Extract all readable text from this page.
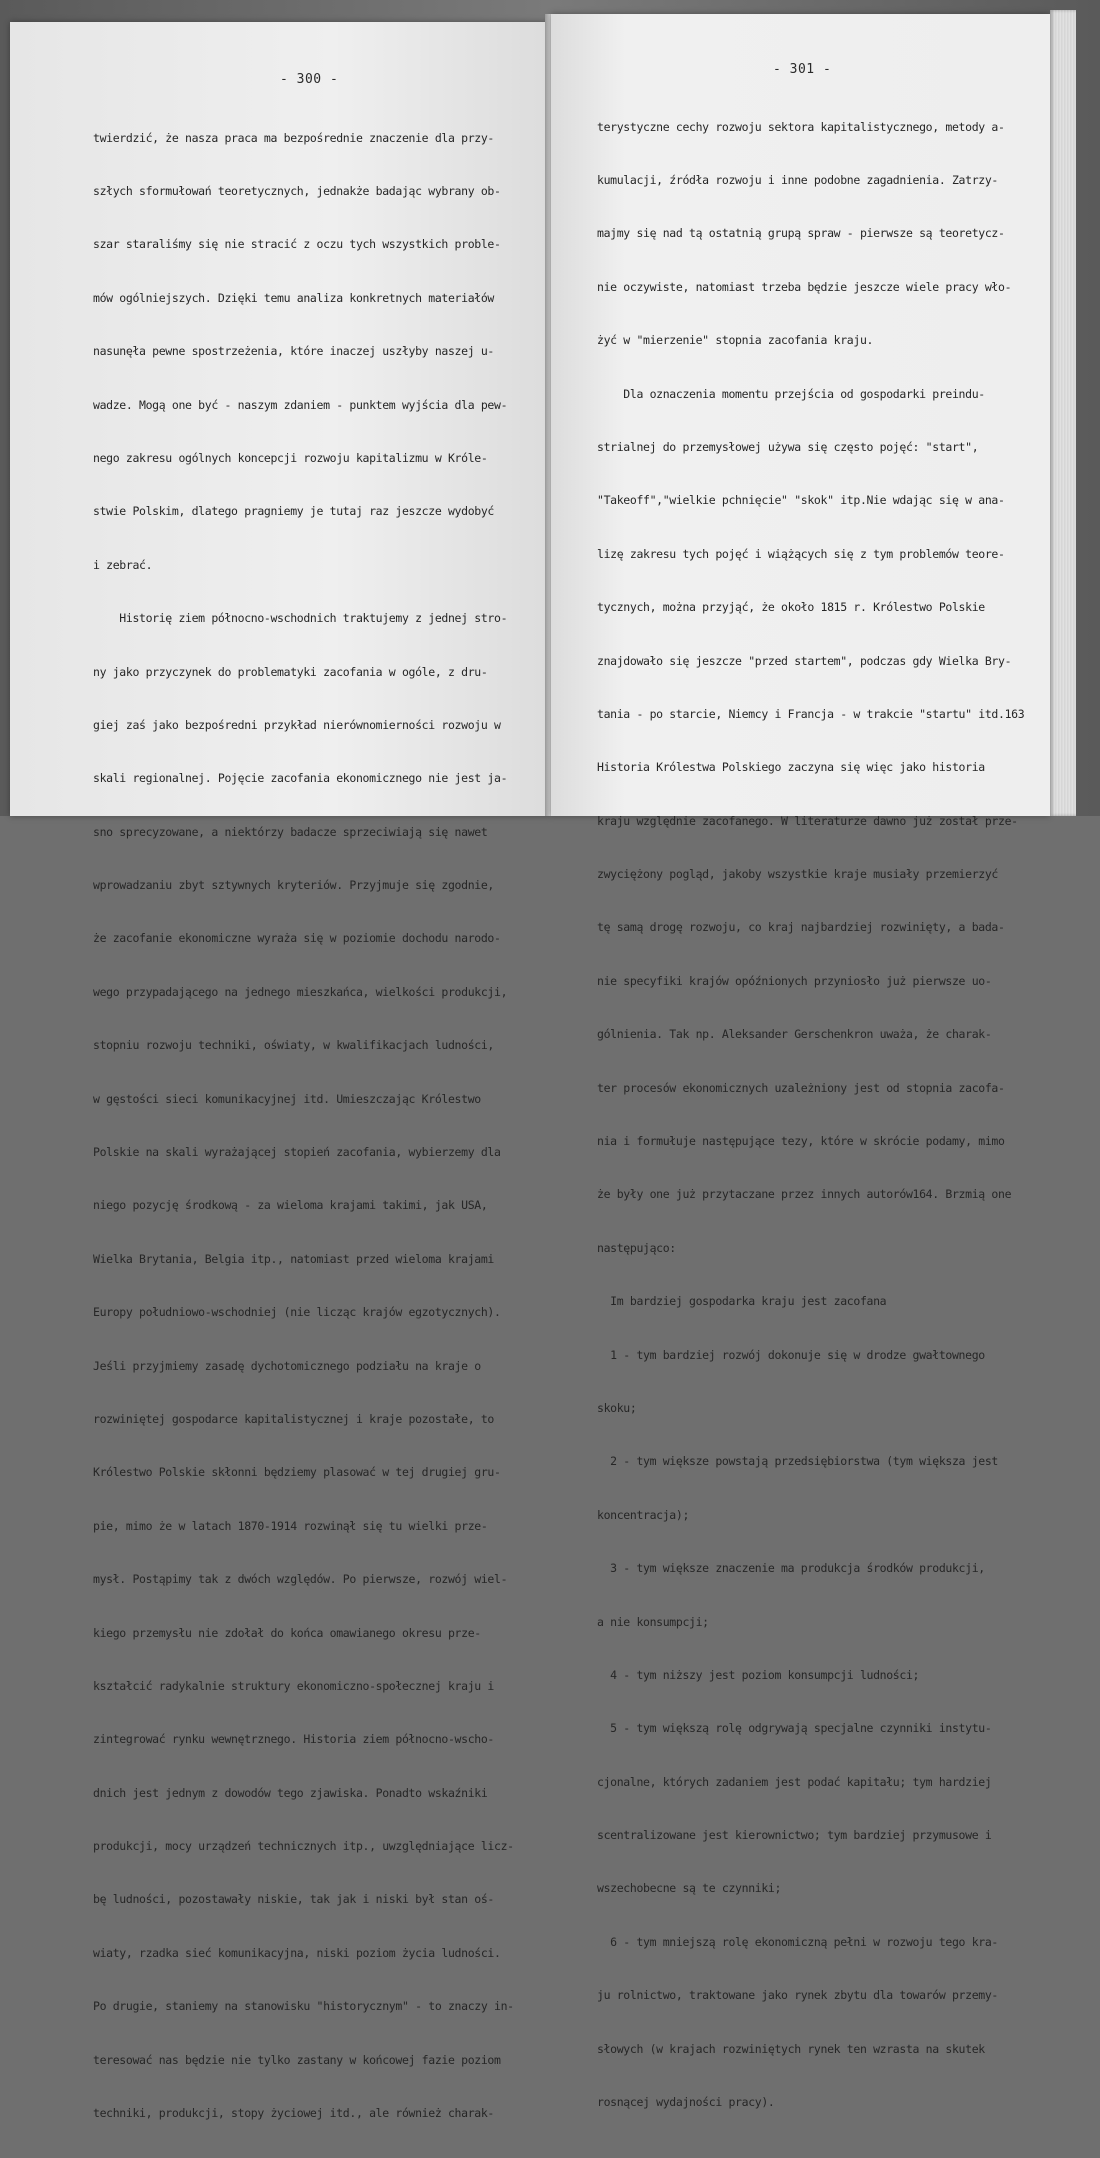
- 300 -

twierdzić, że nasza praca ma bezpośrednie znaczenie dla przy-

szłych sformułowań teoretycznych, jednakże badając wybrany ob-

szar staraliśmy się nie stracić z oczu tych wszystkich proble-

mów ogólniejszych. Dzięki temu analiza konkretnych materiałów

nasunęła pewne spostrzeżenia, które inaczej uszłyby naszej u-

wadze. Mogą one być - naszym zdaniem - punktem wyjścia dla pew-

nego zakresu ogólnych koncepcji rozwoju kapitalizmu w Króle-

stwie Polskim, dlatego pragniemy je tutaj raz jeszcze wydobyć

i zebrać.

Historię ziem północno-wschodnich traktujemy z jednej stro-

ny jako przyczynek do problematyki zacofania w ogóle, z dru-

giej zaś jako bezpośredni przykład nierównomierności rozwoju w

skali regionalnej. Pojęcie zacofania ekonomicznego nie jest ja-

sno sprecyzowane, a niektórzy badacze sprzeciwiają się nawet

wprowadzaniu zbyt sztywnych kryteriów. Przyjmuje się zgodnie,

że zacofanie ekonomiczne wyraża się w poziomie dochodu narodo-

wego przypadającego na jednego mieszkańca, wielkości produkcji,

stopniu rozwoju techniki, oświaty, w kwalifikacjach ludności,

w gęstości sieci komunikacyjnej itd. Umieszczając Królestwo

Polskie na skali wyrażającej stopień zacofania, wybierzemy dla

niego pozycję środkową - za wieloma krajami takimi, jak USA,

Wielka Brytania, Belgia itp., natomiast przed wieloma krajami

Europy południowo-wschodniej (nie licząc krajów egzotycznych).

Jeśli przyjmiemy zasadę dychotomicznego podziału na kraje o

rozwiniętej gospodarce kapitalistycznej i kraje pozostałe, to

Królestwo Polskie skłonni będziemy plasować w tej drugiej gru-

pie, mimo że w latach 1870-1914 rozwinął się tu wielki prze-

mysł. Postąpimy tak z dwóch względów. Po pierwsze, rozwój wiel-

kiego przemysłu nie zdołał do końca omawianego okresu prze-

kształcić radykalnie struktury ekonomiczno-społecznej kraju i

zintegrować rynku wewnętrznego. Historia ziem północno-wscho-

dnich jest jednym z dowodów tego zjawiska. Ponadto wskaźniki

produkcji, mocy urządzeń technicznych itp., uwzględniające licz-

bę ludności, pozostawały niskie, tak jak i niski był stan oś-

wiaty, rzadka sieć komunikacyjna, niski poziom życia ludności.

Po drugie, staniemy na stanowisku "historycznym" - to znaczy in-

teresować nas będzie nie tylko zastany w końcowej fazie poziom

techniki, produkcji, stopy życiowej itd., ale również charak-

- 301 -

terystyczne cechy rozwoju sektora kapitalistycznego, metody a-

kumulacji, źródła rozwoju i inne podobne zagadnienia. Zatrzy-

majmy się nad tą ostatnią grupą spraw - pierwsze są teoretycz-

nie oczywiste, natomiast trzeba będzie jeszcze wiele pracy wło-

żyć w "mierzenie" stopnia zacofania kraju.

Dla oznaczenia momentu przejścia od gospodarki preindu-

strialnej do przemysłowej używa się często pojęć: "start",

"Takeoff","wielkie pchnięcie" "skok" itp.Nie wdając się w ana-

lizę zakresu tych pojęć i wiążących się z tym problemów teore-

tycznych, można przyjąć, że około 1815 r. Królestwo Polskie

znajdowało się jeszcze "przed startem", podczas gdy Wielka Bry-

tania - po starcie, Niemcy i Francja - w trakcie "startu" itd.163

Historia Królestwa Polskiego zaczyna się więc jako historia

kraju względnie zacofanego. W literaturze dawno już został prze-

zwyciężony pogląd, jakoby wszystkie kraje musiały przemierzyć

tę samą drogę rozwoju, co kraj najbardziej rozwinięty, a bada-

nie specyfiki krajów opóźnionych przyniosło już pierwsze uo-

gólnienia. Tak np. Aleksander Gerschenkron uważa, że charak-

ter procesów ekonomicznych uzależniony jest od stopnia zacofa-

nia i formułuje następujące tezy, które w skrócie podamy, mimo

że były one już przytaczane przez innych autorów164. Brzmią one

następująco:

Im bardziej gospodarka kraju jest zacofana

1 - tym bardziej rozwój dokonuje się w drodze gwałtownego

skoku;

2 - tym większe powstają przedsiębiorstwa (tym większa jest

koncentracja);

3 - tym większe znaczenie ma produkcja środków produkcji,

a nie konsumpcji;

4 - tym niższy jest poziom konsumpcji ludności;

5 - tym większą rolę odgrywają specjalne czynniki instytu-

cjonalne, których zadaniem jest podać kapitału; tym hardziej

scentralizowane jest kierownictwo; tym bardziej przymusowe i

wszechobecne są te czynniki;

6 - tym mniejszą rolę ekonomiczną pełni w rozwoju tego kra-

ju rolnictwo, traktowane jako rynek zbytu dla towarów przemy-

słowych (w krajach rozwiniętych rynek ten wzrasta na skutek

rosnącej wydajności pracy).
